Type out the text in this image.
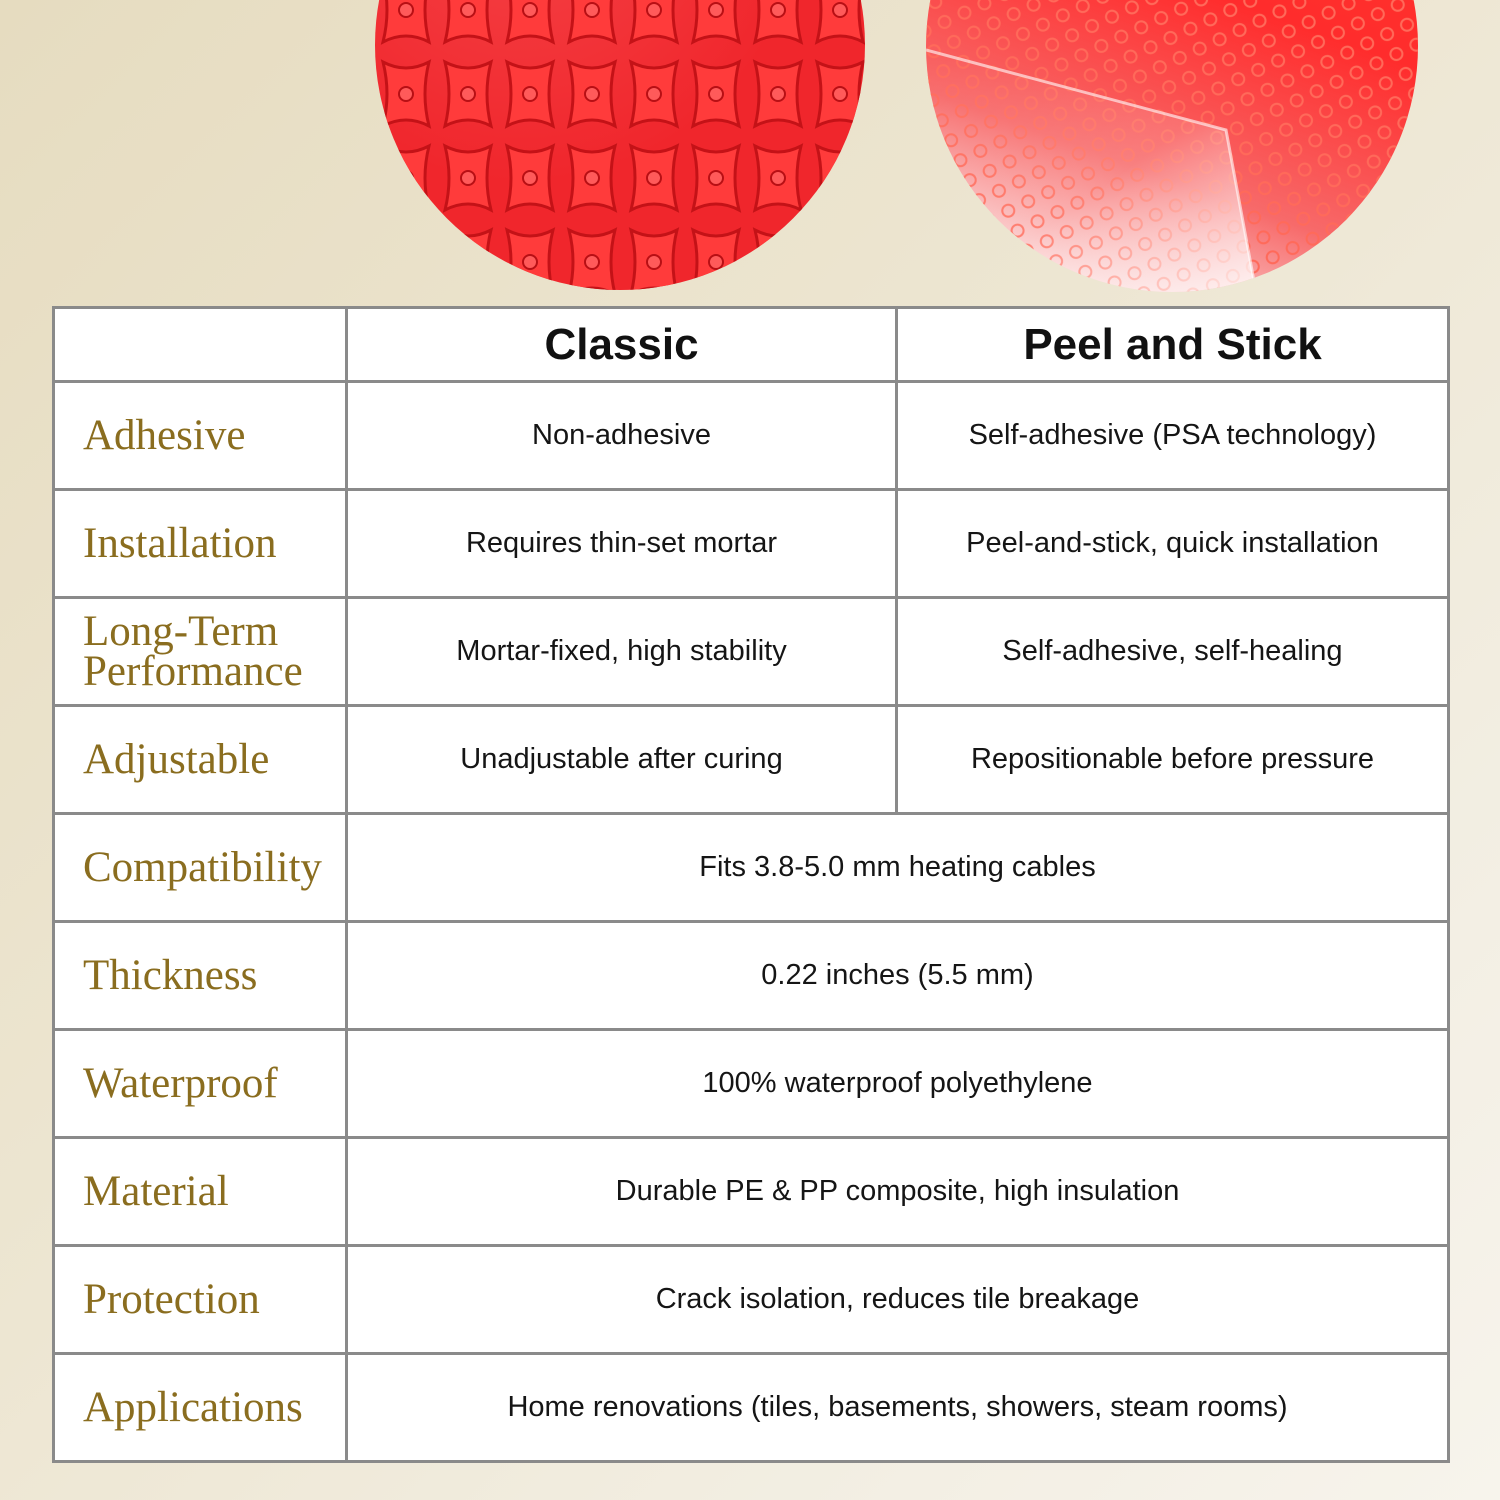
	Classic	Peel and Stick
Adhesive	Non-adhesive	Self-adhesive (PSA technology)
Installation	Requires thin-set mortar	Peel-and-stick, quick installation
Long-Term Performance	Mortar-fixed, high stability	Self-adhesive, self-healing
Adjustable	Unadjustable after curing	Repositionable before pressure
Compatibility	Fits 3.8-5.0 mm heating cables	
Thickness	0.22 inches (5.5 mm)	
Waterproof	100% waterproof polyethylene	
Material	Durable PE & PP composite, high insulation	
Protection	Crack isolation, reduces tile breakage	
Applications	Home renovations (tiles, basements, showers, steam rooms)	
